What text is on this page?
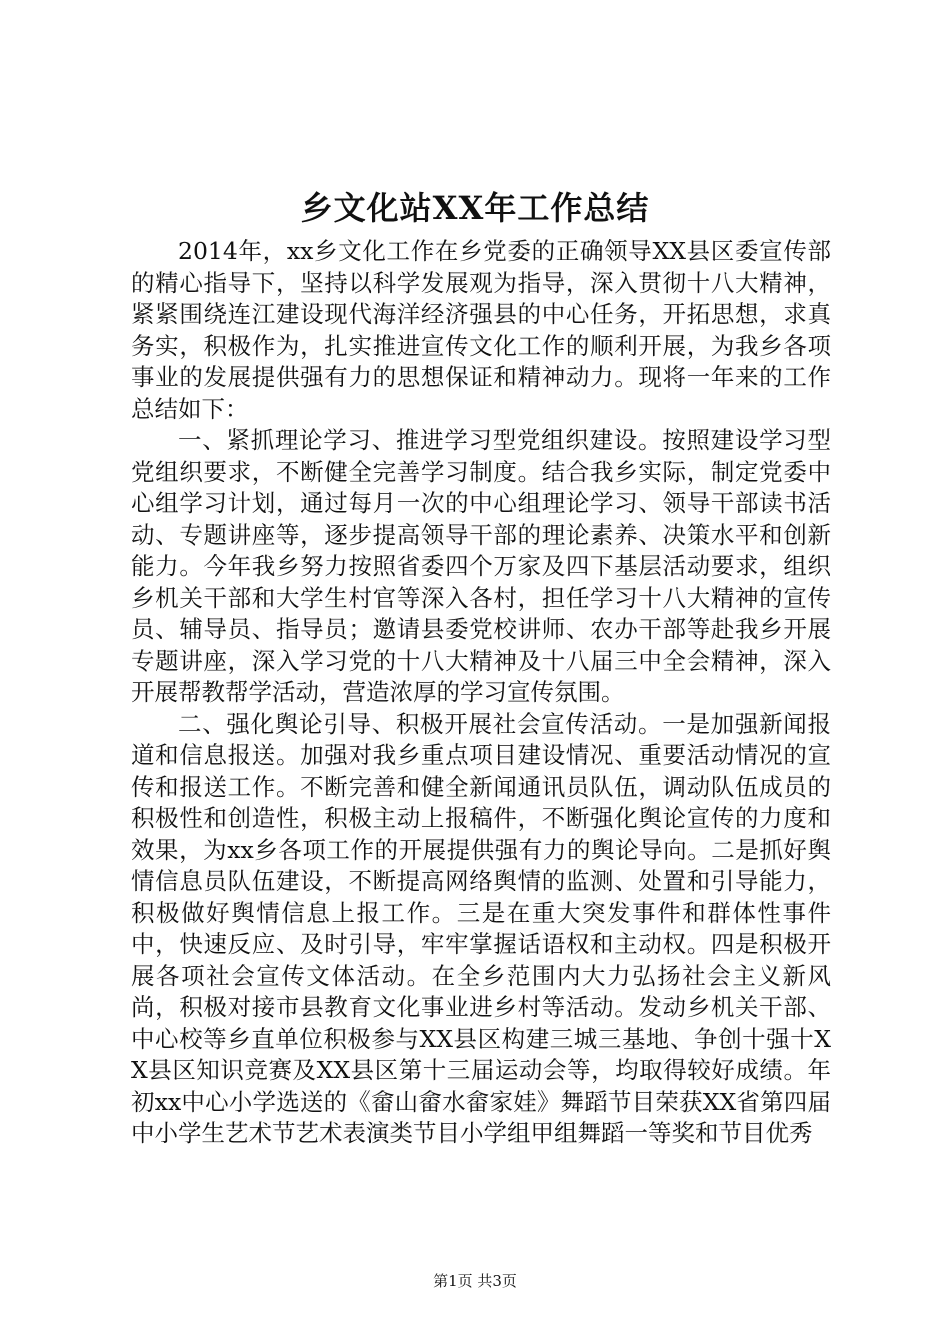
乡文化站XX年工作总结

2014年，xx乡文化工作在乡党委的正确领导XX县区委宣传部的精心指导下，坚持以科学发展观为指导，深入贯彻十八大精神，紧紧围绕连江建设现代海洋经济强县的中心任务，开拓思想，求真务实，积极作为，扎实推进宣传文化工作的顺利开展，为我乡各项事业的发展提供强有力的思想保证和精神动力。现将一年来的工作总结如下：

一、紧抓理论学习、推进学习型党组织建设。按照建设学习型党组织要求，不断健全完善学习制度。结合我乡实际，制定党委中心组学习计划，通过每月一次的中心组理论学习、领导干部读书活动、专题讲座等，逐步提高领导干部的理论素养、决策水平和创新能力。今年我乡努力按照省委四个万家及四下基层活动要求，组织乡机关干部和大学生村官等深入各村，担任学习十八大精神的宣传员、辅导员、指导员；邀请县委党校讲师、农办干部等赴我乡开展专题讲座，深入学习党的十八大精神及十八届三中全会精神，深入开展帮教帮学活动，营造浓厚的学习宣传氛围。

二、强化舆论引导、积极开展社会宣传活动。一是加强新闻报道和信息报送。加强对我乡重点项目建设情况、重要活动情况的宣传和报送工作。不断完善和健全新闻通讯员队伍，调动队伍成员的积极性和创造性，积极主动上报稿件，不断强化舆论宣传的力度和效果，为xx乡各项工作的开展提供强有力的舆论导向。二是抓好舆情信息员队伍建设，不断提高网络舆情的监测、处置和引导能力，积极做好舆情信息上报工作。三是在重大突发事件和群体性事件中，快速反应、及时引导，牢牢掌握话语权和主动权。四是积极开展各项社会宣传文体活动。在全乡范围内大力弘扬社会主义新风尚，积极对接市县教育文化事业进乡村等活动。发动乡机关干部、中心校等乡直单位积极参与XX县区构建三城三基地、争创十强十XX县区知识竞赛及XX县区第十三届运动会等，均取得较好成绩。年初xx中心小学选送的《畲山畲水畲家娃》舞蹈节目荣获XX省第四届中小学生艺术节艺术表演类节目小学组甲组舞蹈一等奖和节目优秀

第1页 共3页
